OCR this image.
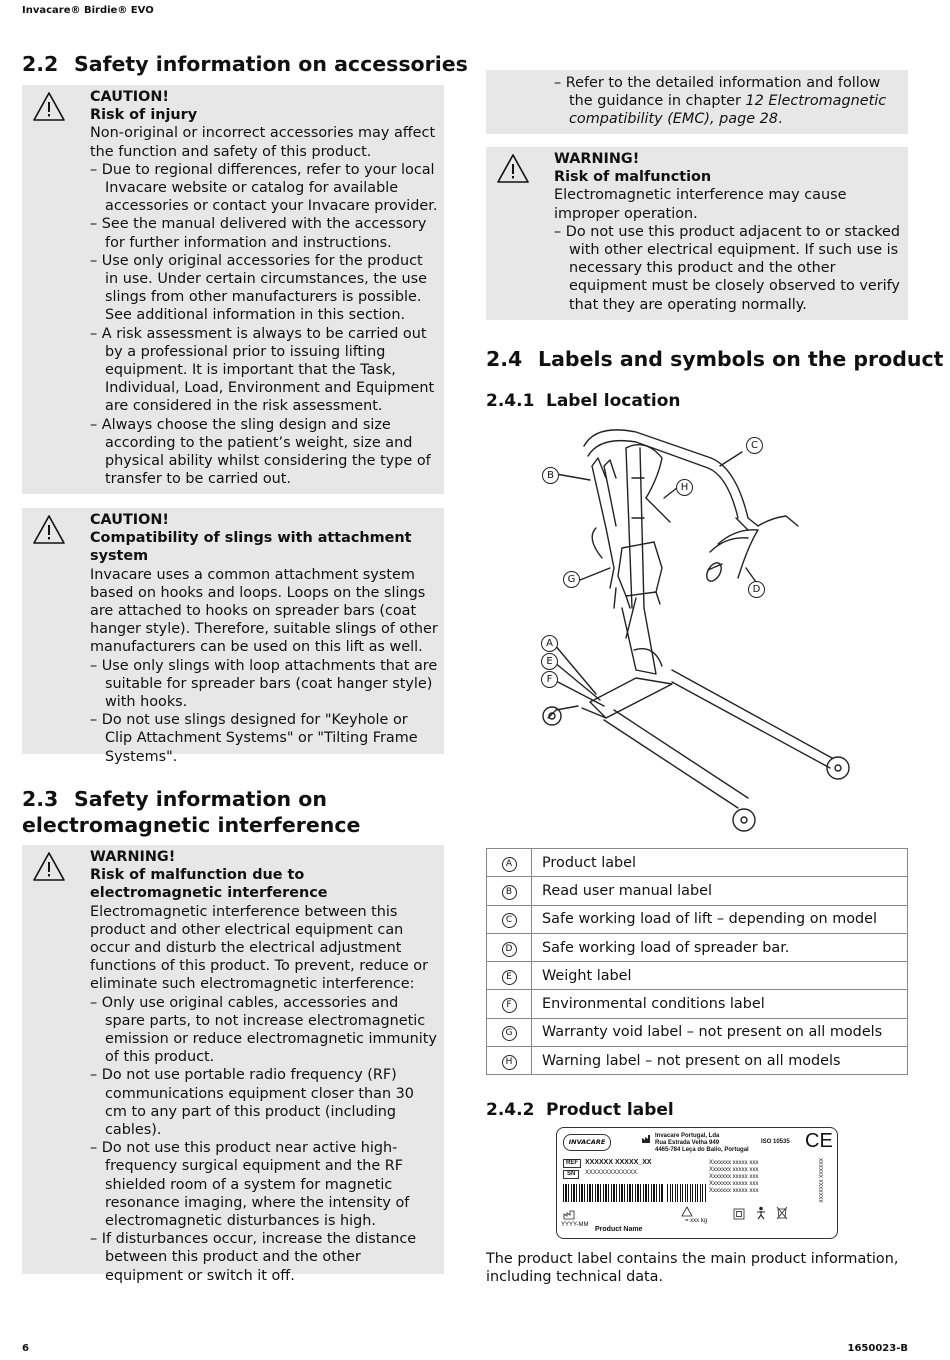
Invacare® Birdie® EVO
2.2 Safety information on accessories

CAUTION!

Risk of injury

Non-original or incorrect accessories may affect the function and safety of this product.

– Due to regional differences, refer to your local Invacare website or catalog for available accessories or contact your Invacare provider.

– See the manual delivered with the accessory for further information and instructions.

– Use only original accessories for the product in use. Under certain circumstances, the use slings from other manufacturers is possible. See additional information in this section.

– A risk assessment is always to be carried out by a professional prior to issuing lifting equipment. It is important that the Task, Individual, Load, Environment and Equipment are considered in the risk assessment.

– Always choose the sling design and size according to the patient’s weight, size and physical ability whilst considering the type of transfer to be carried out.

CAUTION!

Compatibility of slings with attachment system

Invacare uses a common attachment system based on hooks and loops. Loops on the slings are attached to hooks on spreader bars (coat hanger style). Therefore, suitable slings of other manufacturers can be used on this lift as well.

– Use only slings with loop attachments that are suitable for spreader bars (coat hanger style) with hooks.

– Do not use slings designed for "Keyhole or Clip Attachment Systems" or "Tilting Frame Systems".

2.3 Safety information on
electromagnetic interference

WARNING!

Risk of malfunction due to electromagnetic interference

Electromagnetic interference between this product and other electrical equipment can occur and disturb the electrical adjustment functions of this product. To prevent, reduce or eliminate such electromagnetic interference:

– Only use original cables, accessories and spare parts, to not increase electromagnetic emission or reduce electromagnetic immunity of this product.

– Do not use portable radio frequency (RF) communications equipment closer than 30 cm to any part of this product (including cables).

– Do not use this product near active high-frequency surgical equipment and the RF shielded room of a system for magnetic resonance imaging, where the intensity of electromagnetic disturbances is high.

– If disturbances occur, increase the distance between this product and the other equipment or switch it off.

– Refer to the detailed information and follow the guidance in chapter 12 Electromagnetic compatibility (EMC), page 28.

WARNING!

Risk of malfunction

Electromagnetic interference may cause improper operation.

– Do not use this product adjacent to or stacked with other electrical equipment. If such use is necessary this product and the other equipment must be closely observed to verify that they are operating normally.

2.4 Labels and symbols on the product
2.4.1 Label location
B
H
C
D
G
A
E
F
A	Product label
B	Read user manual label
C	Safe working load of lift – depending on model
D	Safe working load of spreader bar.
E	Weight label
F	Environmental conditions label
G	Warranty void label – not present on all models
H	Warning label – not present on all models
2.4.2 Product label
INVACARE
Invacare Portugal, Lda
Rua Estrada Velha 949
4465-784 Leça do Balio, Portugal
ISO 10535 CE
REF	XXXXXX XXXXX_XX
SN	XXXXXXXXXXXXX
Xxxxxxx xxxxx xxx
Xxxxxxx xxxxx xxx
Xxxxxxx xxxxx xxx
Xxxxxxx xxxxx xxx
Xxxxxxx xxxxx xxx	XXXXXXX XXXXXX
YYYY-MM
Product Name
= xxx kg
The product label contains the main product information, including technical data.
6	1650023-B
